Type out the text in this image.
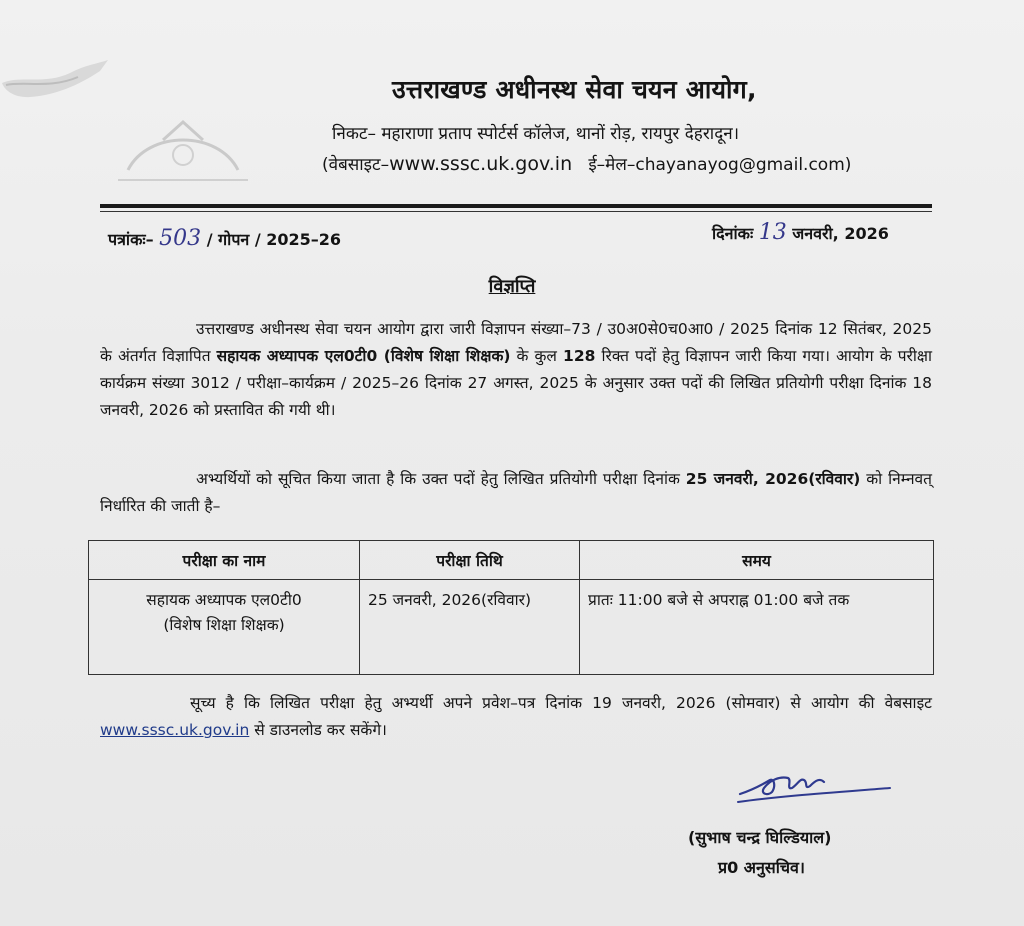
उत्तराखण्ड अधीनस्थ सेवा चयन आयोग,
निकट– महाराणा प्रताप स्पोर्टर्स कॉलेज, थानों रोड़, रायपुर देहरादून।
(वेबसाइट–www.sssc.uk.gov.in ई–मेल–chayanayog@gmail.com)
पत्रांकः– 503 / गोपन / 2025–26	दिनांकः 13 जनवरी, 2026
विज्ञप्ति
उत्तराखण्ड अधीनस्थ सेवा चयन आयोग द्वारा जारी विज्ञापन संख्या–73 / उ0अ0से0च0आ0 / 2025 दिनांक 12 सितंबर, 2025 के अंतर्गत विज्ञापित सहायक अध्यापक एल0टी0 (विशेष शिक्षा शिक्षक) के कुल 128 रिक्त पदों हेतु विज्ञापन जारी किया गया। आयोग के परीक्षा कार्यक्रम संख्या 3012 / परीक्षा–कार्यक्रम / 2025–26 दिनांक 27 अगस्त, 2025 के अनुसार उक्त पदों की लिखित प्रतियोगी परीक्षा दिनांक 18 जनवरी, 2026 को प्रस्तावित की गयी थी।
अभ्यर्थियों को सूचित किया जाता है कि उक्त पदों हेतु लिखित प्रतियोगी परीक्षा दिनांक 25 जनवरी, 2026(रविवार) को निम्नवत् निर्धारित की जाती है–
परीक्षा का नाम	परीक्षा तिथि	समय

सहायक अध्यापक एल0टी0
(विशेष शिक्षा शिक्षक)	25 जनवरी, 2026(रविवार)	प्रातः 11:00 बजे से अपराह्न 01:00 बजे तक
सूच्य है कि लिखित परीक्षा हेतु अभ्यर्थी अपने प्रवेश–पत्र दिनांक 19 जनवरी, 2026 (सोमवार) से आयोग की वेबसाइट www.sssc.uk.gov.in से डाउनलोड कर सकेंगे।
(सुभाष चन्द्र घिल्डियाल)
प्र0 अनुसचिव।
